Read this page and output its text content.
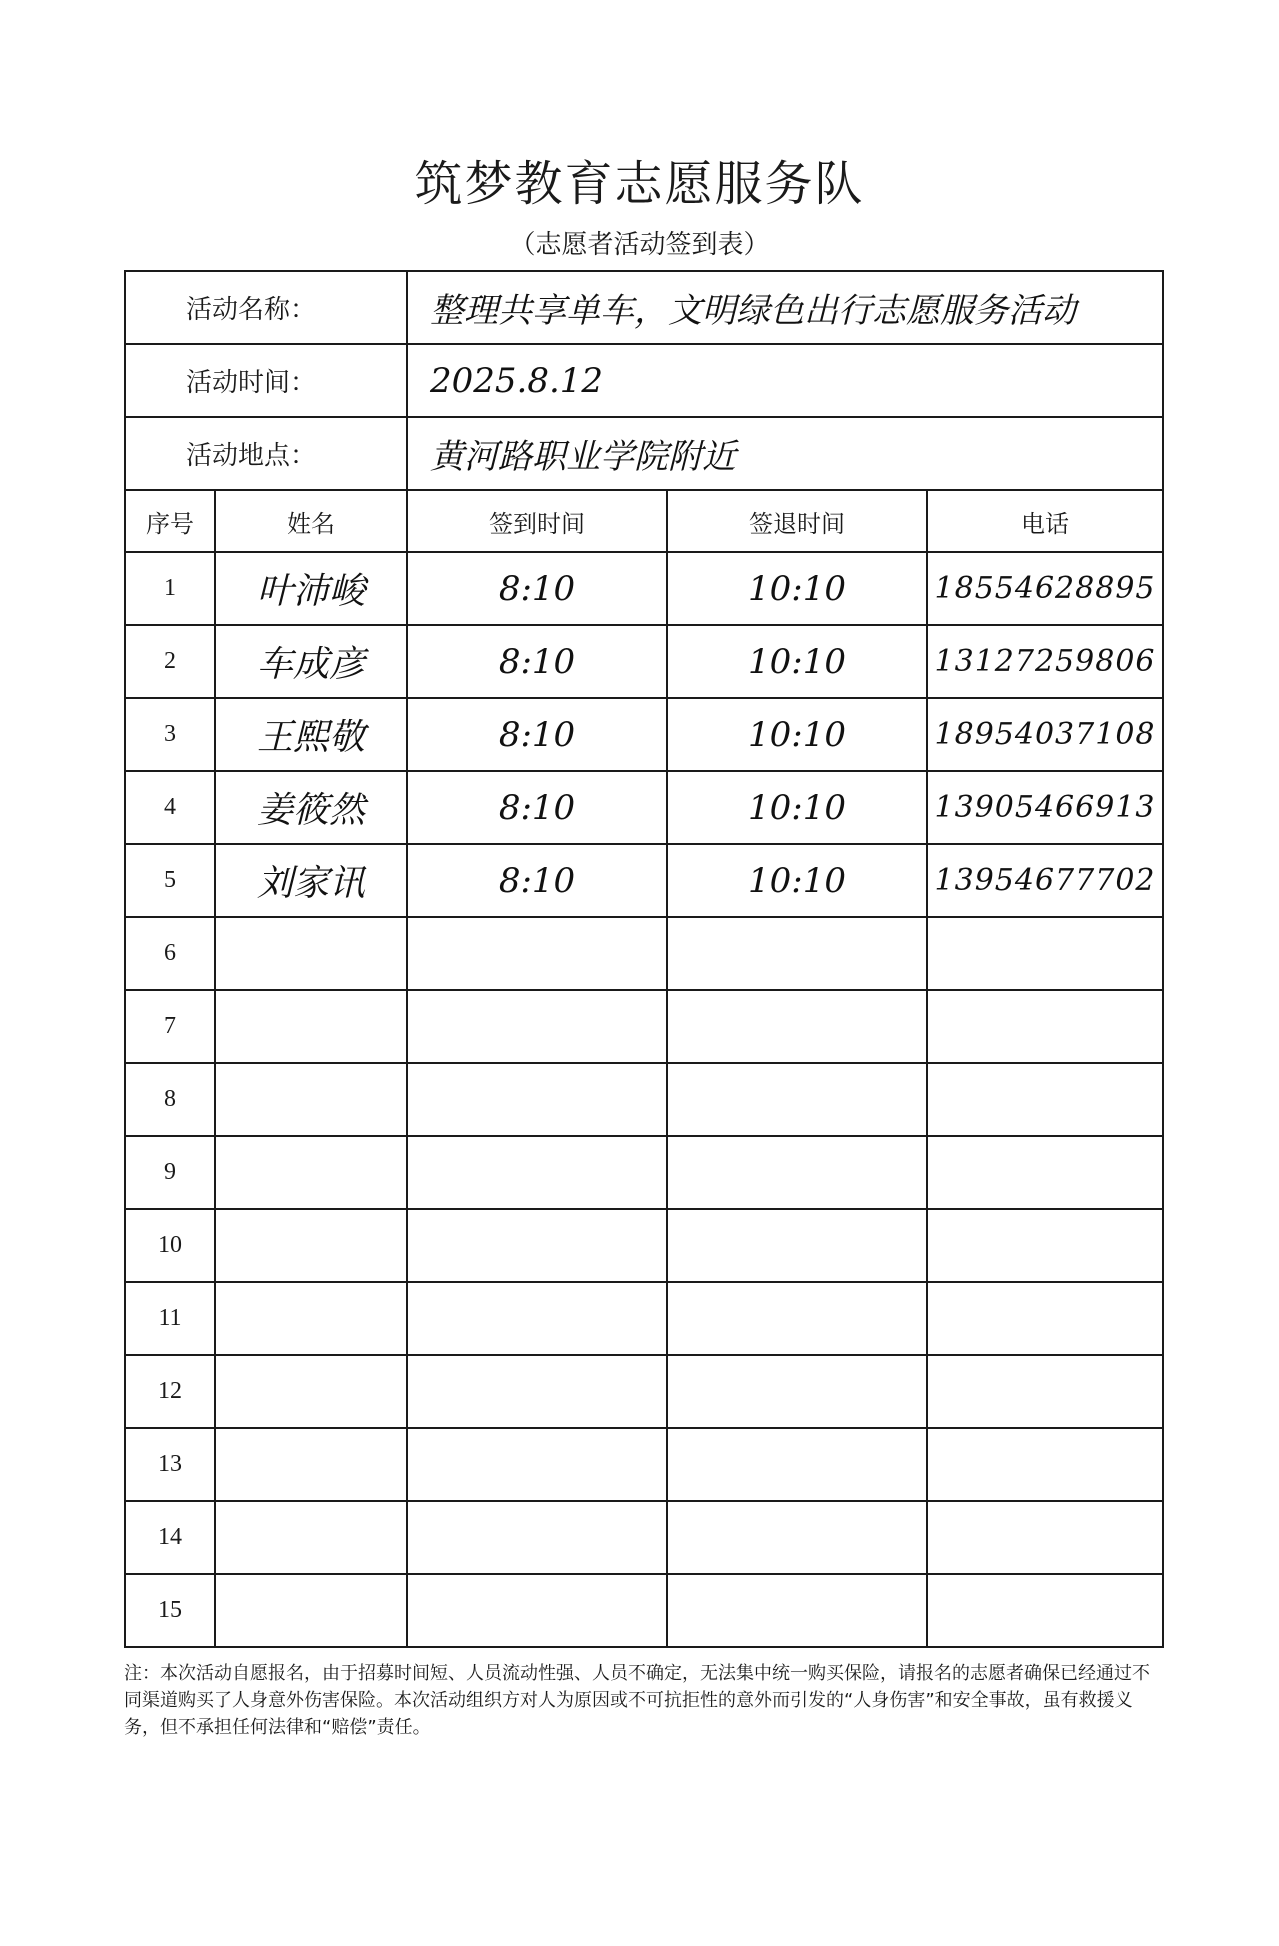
筑梦教育志愿服务队
（志愿者活动签到表）
活动名称：		整理共享单车，文明绿色出行志愿服务活动		
活动时间：		2025.8.12		
活动地点：		黄河路职业学院附近		
序号	姓名	签到时间	签退时间	电话
1	叶沛峻	8:10	10:10	18554628895
2	车成彦	8:10	10:10	13127259806
3	王熙敬	8:10	10:10	18954037108
4	姜筱然	8:10	10:10	13905466913
5	刘家讯	8:10	10:10	13954677702
6				
7				
8				
9				
10				
11				
12				
13				
14				
15				
注：本次活动自愿报名，由于招募时间短、人员流动性强、人员不确定，无法集中统一购买保险，请报名的志愿者确保已经通过不同渠道购买了人身意外伤害保险。本次活动组织方对人为原因或不可抗拒性的意外而引发的“人身伤害”和安全事故，虽有救援义务，但不承担任何法律和“赔偿”责任。
